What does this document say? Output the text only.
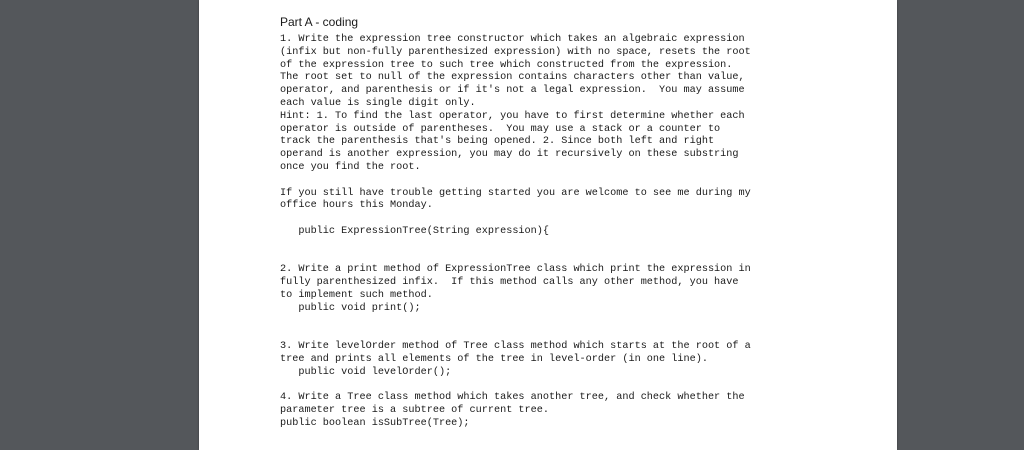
Part A - coding
1. Write the expression tree constructor which takes an algebraic expression
(infix but non-fully parenthesized expression) with no space, resets the root
of the expression tree to such tree which constructed from the expression.
The root set to null of the expression contains characters other than value,
operator, and parenthesis or if it's not a legal expression.  You may assume
each value is single digit only.
Hint: 1. To find the last operator, you have to first determine whether each
operator is outside of parentheses.  You may use a stack or a counter to
track the parenthesis that's being opened. 2. Since both left and right
operand is another expression, you may do it recursively on these substring
once you find the root.
If you still have trouble getting started you are welcome to see me during my
office hours this Monday.
public ExpressionTree(String expression){
2. Write a print method of ExpressionTree class which print the expression in
fully parenthesized infix.  If this method calls any other method, you have
to implement such method.
public void print();
3. Write levelOrder method of Tree class method which starts at the root of a
tree and prints all elements of the tree in level-order (in one line).
public void levelOrder();
4. Write a Tree class method which takes another tree, and check whether the
parameter tree is a subtree of current tree.
public boolean isSubTree(Tree);
